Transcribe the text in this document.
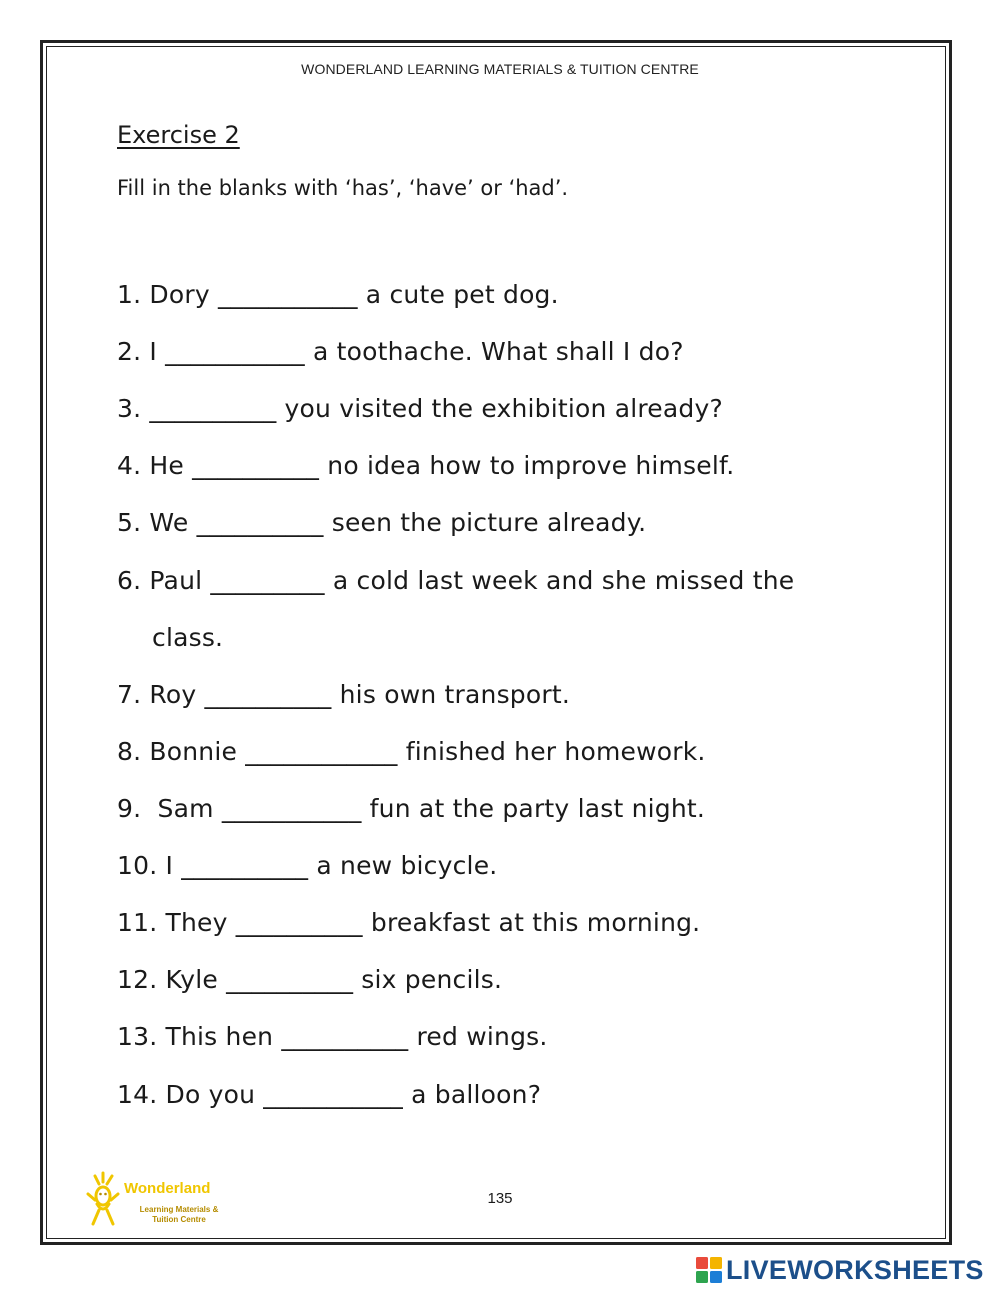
WONDERLAND LEARNING MATERIALS & TUITION CENTRE
Exercise 2
Fill in the blanks with ‘has’, ‘have’ or ‘had’.
1. Dory ___________ a cute pet dog.
2. I ___________ a toothache. What shall I do?
3. __________ you visited the exhibition already?
4. He __________ no idea how to improve himself.
5. We __________ seen the picture already.
6. Paul _________ a cold last week and she missed the
class.
7. Roy __________ his own transport.
8. Bonnie ____________ finished her homework.
9.  Sam ___________ fun at the party last night.
10. I __________ a new bicycle.
11. They __________ breakfast at this morning.
12. Kyle __________ six pencils.
13. This hen __________ red wings.
14. Do you ___________ a balloon?
Wonderland
Learning Materials &
Tuition Centre
135
LIVEWORKSHEETS
